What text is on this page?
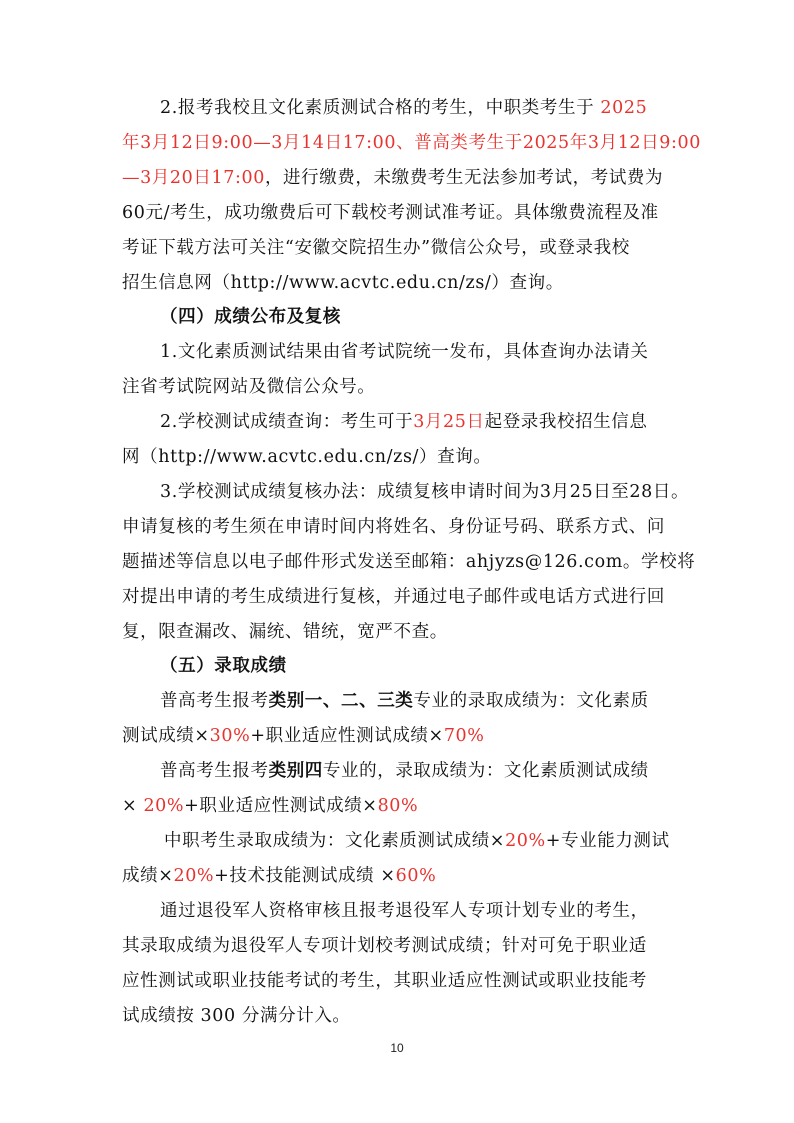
2.报考我校且文化素质测试合格的考生，中职类考生于 2025
年3月12日9:00—3月14日17:00、普高类考生于2025年3月12日9:00
—3月20日17:00，进行缴费，未缴费考生无法参加考试，考试费为
60元/考生，成功缴费后可下载校考测试准考证。具体缴费流程及准
考证下载方法可关注“安徽交院招生办”微信公众号，或登录我校
招生信息网（http://www.acvtc.edu.cn/zs/）查询。
（四）成绩公布及复核
1.文化素质测试结果由省考试院统一发布，具体查询办法请关
注省考试院网站及微信公众号。
2.学校测试成绩查询：考生可于3月25日起登录我校招生信息
网（http://www.acvtc.edu.cn/zs/）查询。
3.学校测试成绩复核办法：成绩复核申请时间为3月25日至28日。
申请复核的考生须在申请时间内将姓名、身份证号码、联系方式、问
题描述等信息以电子邮件形式发送至邮箱：ahjyzs@126.com。学校将
对提出申请的考生成绩进行复核，并通过电子邮件或电话方式进行回
复，限查漏改、漏统、错统，宽严不查。
（五）录取成绩
普高考生报考类别一、二、三类专业的录取成绩为：文化素质
测试成绩×30%+职业适应性测试成绩×70%
普高考生报考类别四专业的，录取成绩为：文化素质测试成绩
× 20%+职业适应性测试成绩×80%
中职考生录取成绩为：文化素质测试成绩×20%+专业能力测试
成绩×20%+技术技能测试成绩 ×60%
通过退役军人资格审核且报考退役军人专项计划专业的考生，
其录取成绩为退役军人专项计划校考测试成绩；针对可免于职业适
应性测试或职业技能考试的考生，其职业适应性测试或职业技能考
试成绩按 300 分满分计入。
10
